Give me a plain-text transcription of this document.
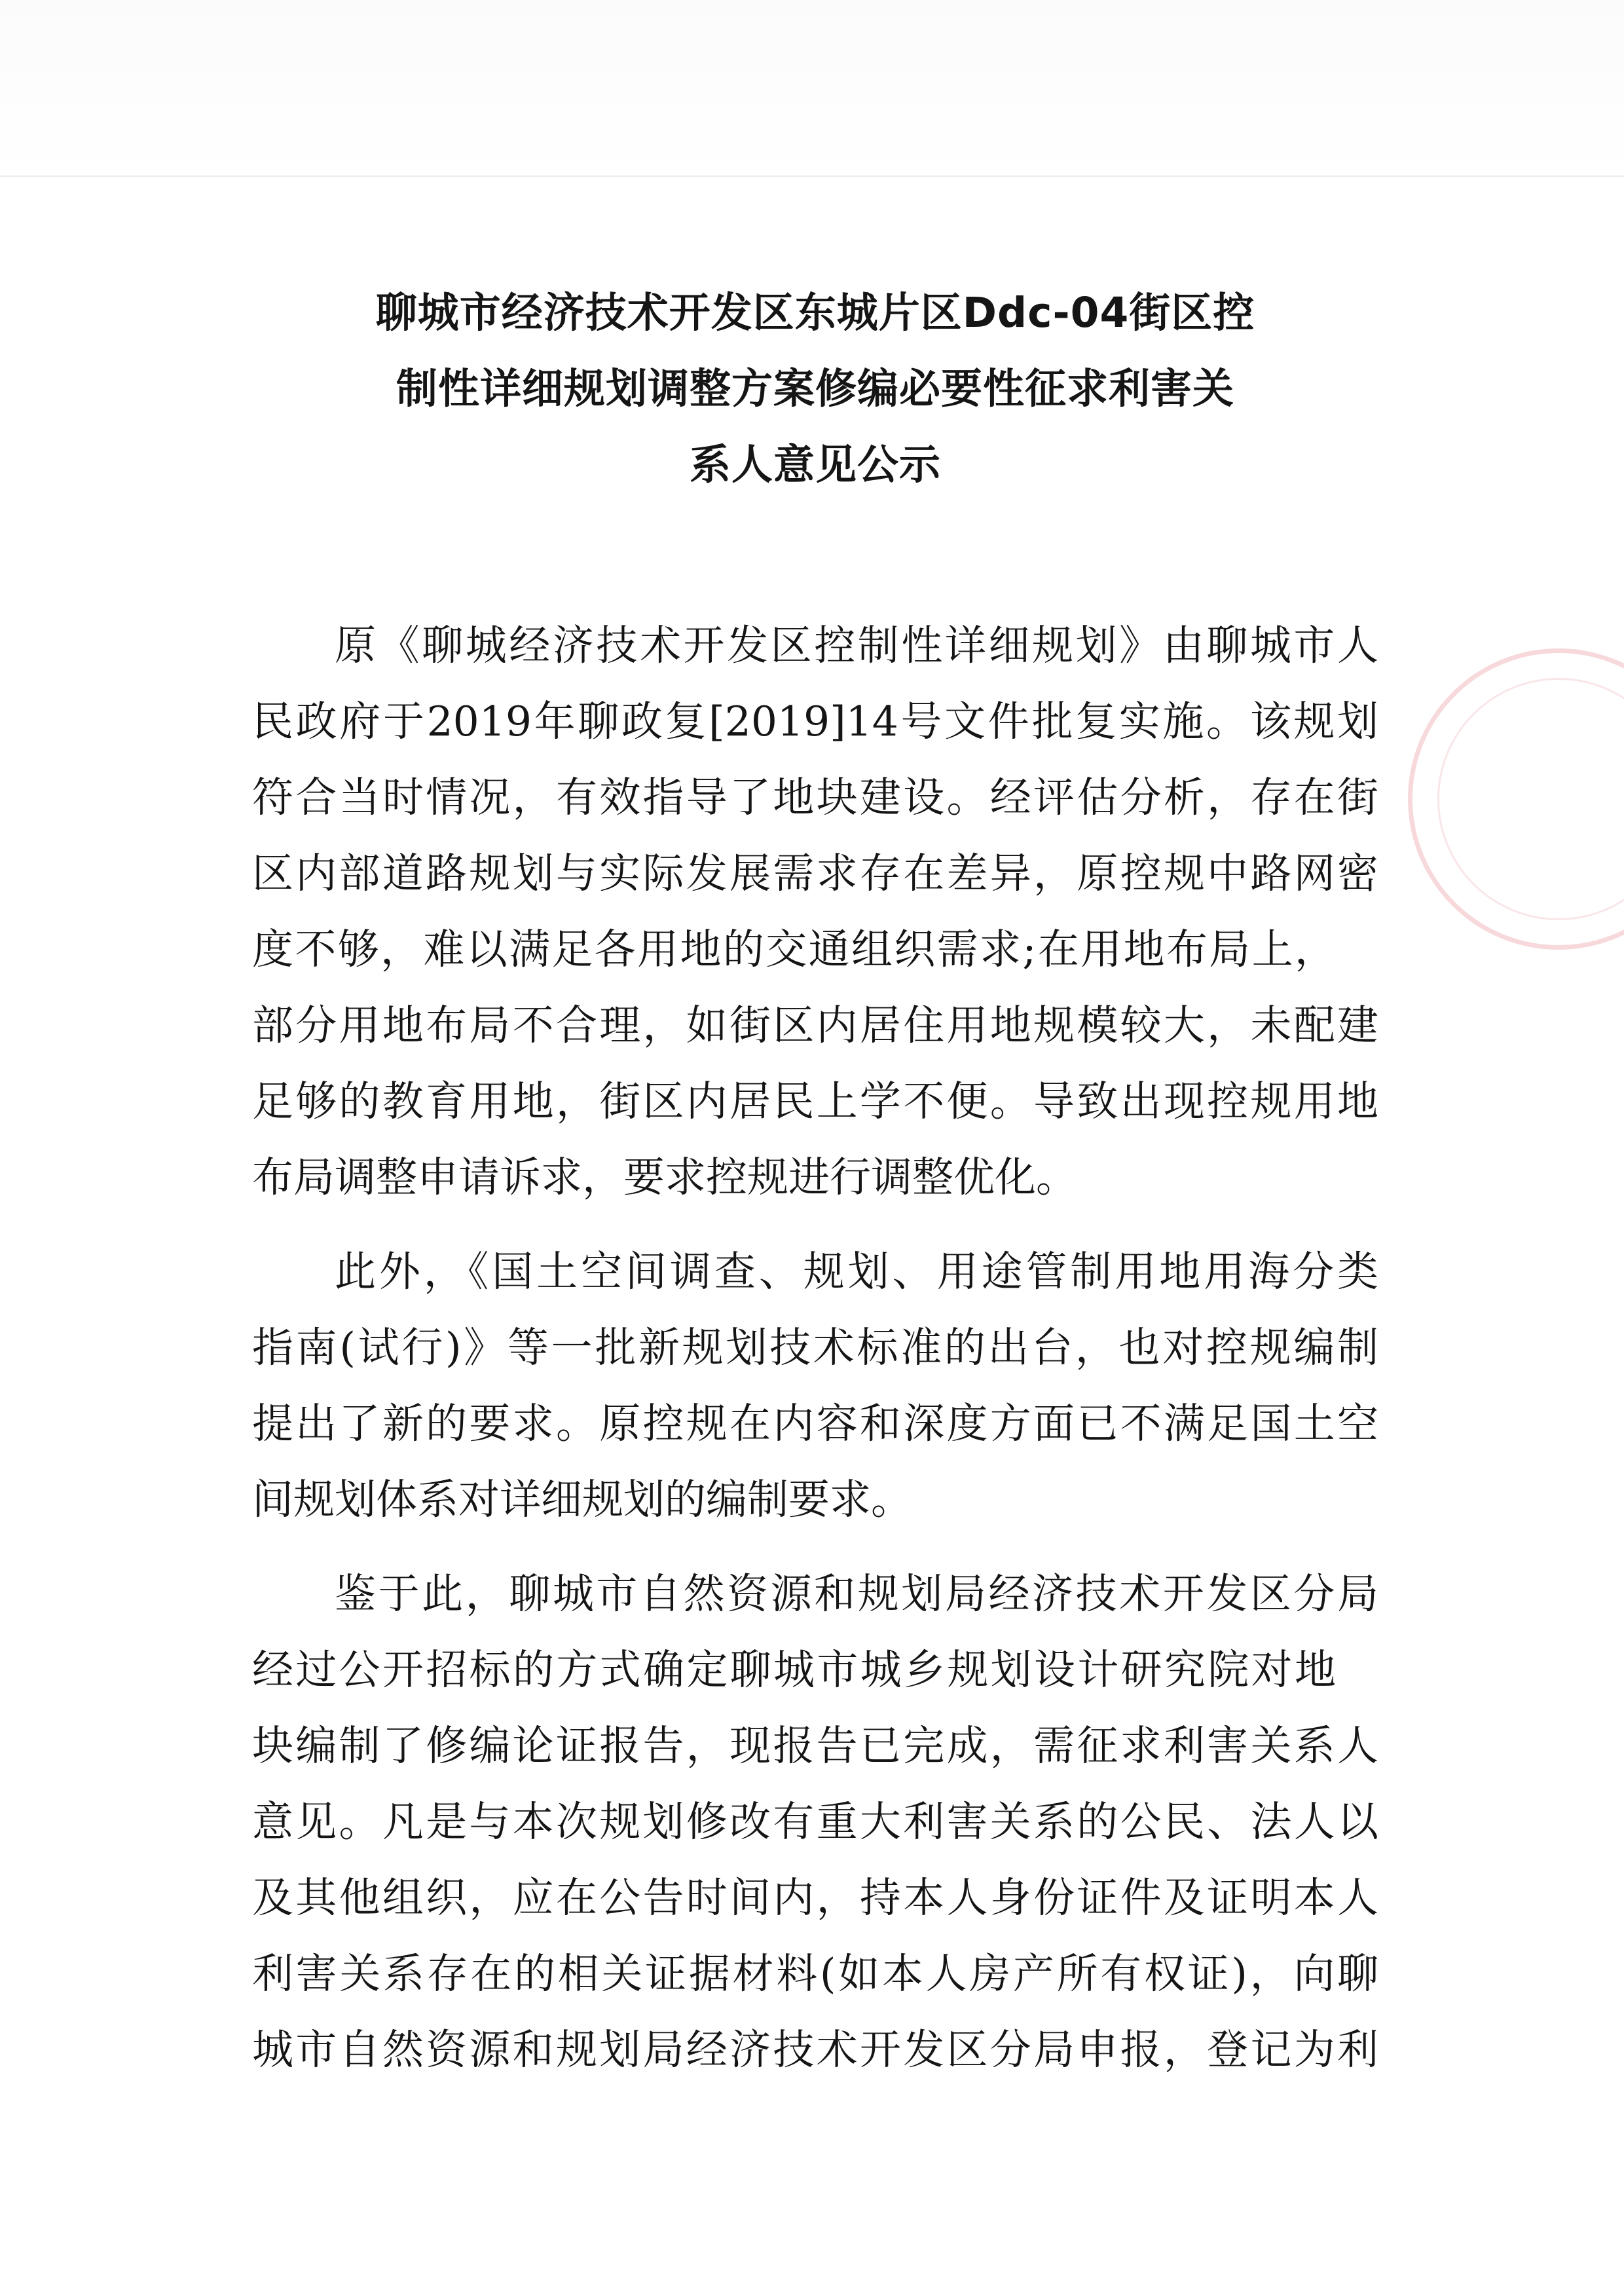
聊城市经济技术开发区东城片区Ddc-04街区控
制性详细规划调整方案修编必要性征求利害关
系人意见公示
原《聊城经济技术开发区控制性详细规划》由聊城市人
民政府于2019年聊政复[2019]14号文件批复实施。该规划
符合当时情况，有效指导了地块建设。经评估分析，存在街
区内部道路规划与实际发展需求存在差异，原控规中路网密
度不够，难以满足各用地的交通组织需求;在用地布局上，
部分用地布局不合理，如街区内居住用地规模较大，未配建
足够的教育用地，街区内居民上学不便。导致出现控规用地
布局调整申请诉求，要求控规进行调整优化。
此外，《国土空间调查、规划、用途管制用地用海分类
指南(试行)》等一批新规划技术标准的出台，也对控规编制
提出了新的要求。原控规在内容和深度方面已不满足国土空
间规划体系对详细规划的编制要求。
鉴于此，聊城市自然资源和规划局经济技术开发区分局
经过公开招标的方式确定聊城市城乡规划设计研究院对地
块编制了修编论证报告，现报告已完成，需征求利害关系人
意见。凡是与本次规划修改有重大利害关系的公民、法人以
及其他组织，应在公告时间内，持本人身份证件及证明本人
利害关系存在的相关证据材料(如本人房产所有权证)，向聊
城市自然资源和规划局经济技术开发区分局申报，登记为利
